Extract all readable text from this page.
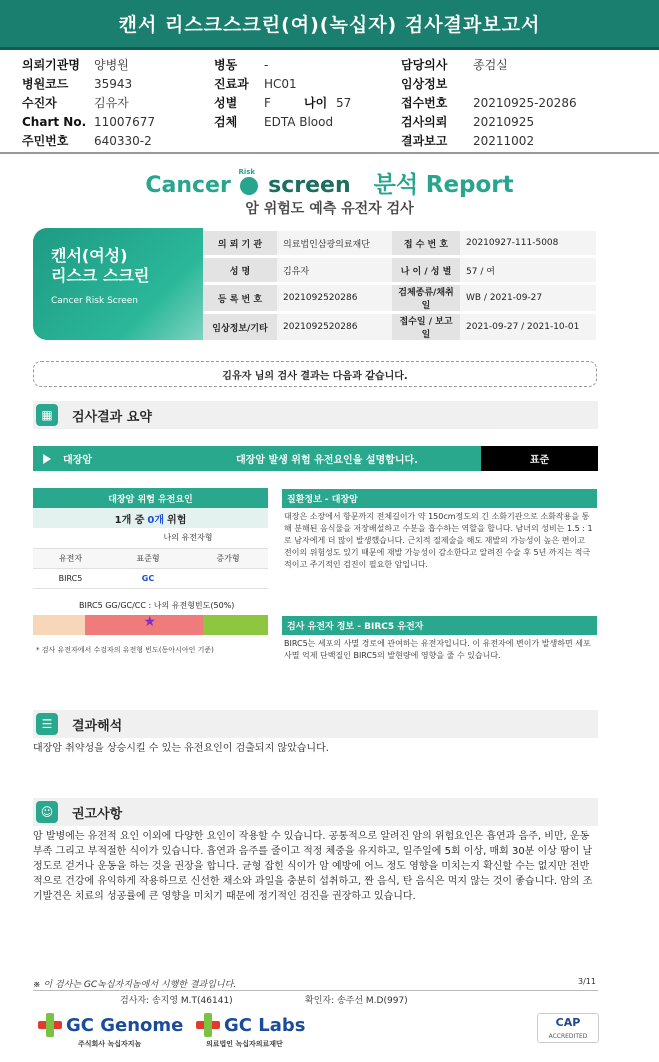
캔서 리스크스크린(여)(녹십자) 검사결과보고서
의뢰기관명	양병원	병동	-	담당의사	종검실
병원코드	35943	진료과	HC01	임상정보
수진자	김유자	성별	F	나이 57	접수번호	20210925-20286
Chart No. 11007677	검체	EDTA Blood	검사의뢰	20210925
주민번호	640330-2	결과보고	20211002
Cancer
Risk
screen 분석 Report
암 위험도 예측 유전자 검사
캔서(여성)
리스크 스크린
Cancer Risk Screen
의 뢰 기 관	의료법인삼광의료재단	접 수 번 호	20210927-111-5008
성 명	김유자	나 이 / 성 별	57 / 여
등 록 번 호	2021092520286	검체종류/채취일	WB / 2021-09-27
임상정보/기타	2021092520286	접수일 / 보고일	2021-09-27 / 2021-10-01
김유자 님의 검사 결과는 다음과 같습니다.
▦	검사결과 요약
대장암	대장암 발생 위험 유전요인을 설명합니다.	표준
대장암 위험 유전요인
1개 중 0개 위험
	나의 유전자형	
유전자	표준형	증가형
BIRC5	GC	
BIRC5 GG/GC/CC : 나의 유전형빈도(50%)
★
* 검사 유전자에서 수검자의 유전형 빈도(동아시아인 기준)
질환정보 - 대장암
대장은 소장에서 항문까지 전체길이가 약 150cm정도의 긴 소화기관으로 소화작용을 통해 분해된 음식물을 저장배설하고 수분을 흡수하는 역할을 합니다. 남녀의 성비는 1.5 : 1로 남자에게 더 많이 발생했습니다. 근치적 절제술을 해도 재발의 가능성이 높은 편이고 전이의 위험성도 있기 때문에 재발 가능성이 감소한다고 알려진 수술 후 5년 까지는 적극적이고 주기적인 검진이 필요한 암입니다.
검사 유전자 정보 - BIRC5 유전자
BIRC5는 세포의 사멸 경로에 관여하는 유전자입니다. 이 유전자에 변이가 발생하면 세포 사멸 억제 단백질인 BIRC5의 발현량에 영향을 줄 수 있습니다.
☰	결과해석
대장암 취약성을 상승시킬 수 있는 유전요인이 검출되지 않았습니다.
☺	권고사항
암 발병에는 유전적 요인 이외에 다양한 요인이 작용할 수 있습니다. 공통적으로 알려진 암의 위험요인은 흡연과 음주, 비만, 운동 부족 그리고 부적절한 식이가 있습니다. 흡연과 음주를 줄이고 적정 체중을 유지하고, 일주일에 5회 이상, 매회 30분 이상 땀이 날 정도로 걷거나 운동을 하는 것을 권장을 합니다. 균형 잡힌 식이가 암 예방에 어느 정도 영향을 미치는지 확신할 수는 없지만 전반적으로 건강에 유익하게 작용하므로 신선한 채소와 과일을 충분히 섭취하고, 짠 음식, 탄 음식은 먹지 않는 것이 좋습니다. 암의 조기발견은 치료의 성공률에 큰 영향을 미치기 때문에 정기적인 검진을 권장하고 있습니다.
※ 이 검사는 GC녹십자지놈에서 시행한 결과입니다.	3/11
검사자: 송지영 M.T(46141)	확인자: 송주선 M.D(997)
GC Genome
주식회사 녹십자지놈
GC Labs
의료법인 녹십자의료재단
CAP
ACCREDITED
